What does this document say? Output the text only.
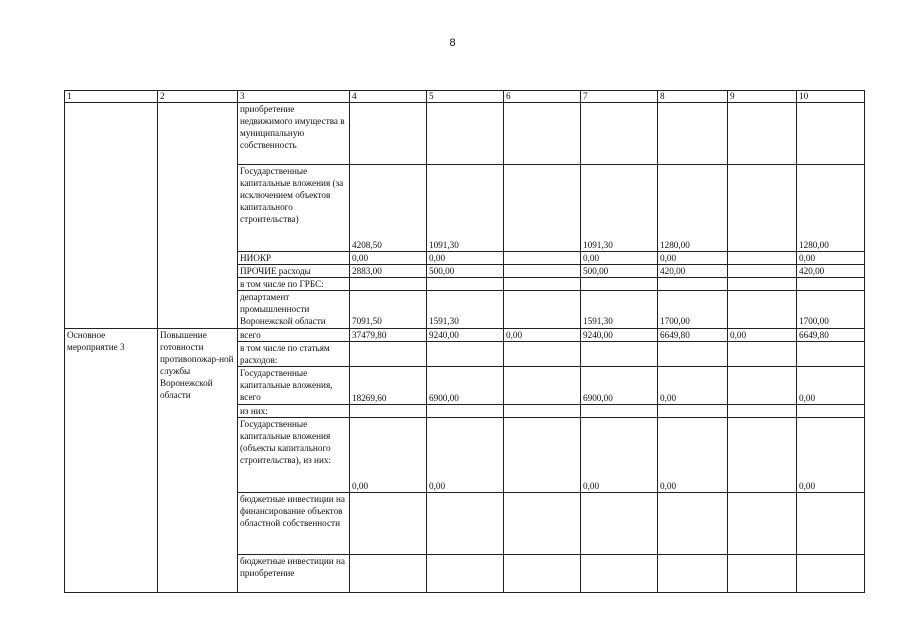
8
1	2	3	4	5	6	7	8	9	10
		приобретение недвижимого имущества в муниципальную собственность							
		Государственные капитальные вложения (за исключением объектов капитального строительства)	4208,50	1091,30		1091,30	1280,00		1280,00
		НИОКР	0,00	0,00		0,00	0,00		0,00
		ПРОЧИЕ расходы	2883,00	500,00		500,00	420,00		420,00
		в том числе по ГРБС:							
		департамент промышленности Воронежской области	7091,50	1591,30		1591,30	1700,00		1700,00
Основное мероприятие 3	Повышение готовности противопожар-ной службы Воронежской области	всего	37479,80	9240,00	0,00	9240,00	6649,80	0,00	6649,80
		в том числе по статьям расходов:							
		Государственные капитальные вложения, всего	18269,60	6900,00		6900,00	0,00		0,00
		из них:							
		Государственные капитальные вложения (объекты капитального строительства), из них:	0,00	0,00		0,00	0,00		0,00
		бюджетные инвестиции на финансирование объектов областной собственности							
		бюджетные инвестиции на приобретение							
